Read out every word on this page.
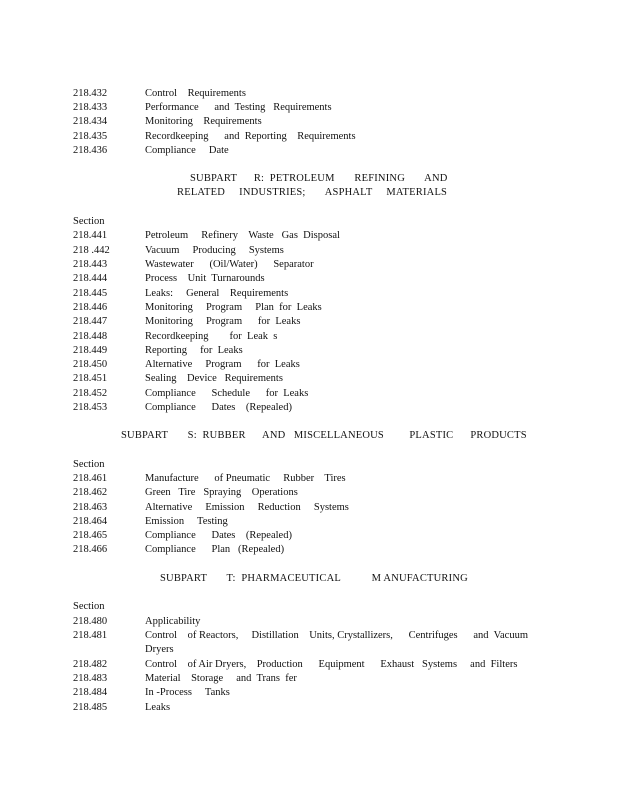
218.432	Control    Requirements
218.433	Performance      and  Testing   Requirements
218.434	Monitoring    Requirements
218.435	Recordkeeping      and  Reporting    Requirements
218.436	Compliance     Date
SUBPART      R:  PETROLEUM       REFINING       AND
RELATED     INDUSTRIES;       ASPHALT     MATERIALS
Section
218.441	Petroleum     Refinery    Waste   Gas  Disposal
218 .442	Vacuum     Producing     Systems
218.443	Wastewater      (Oil/Water)      Separator
218.444	Process    Unit  Turnarounds
218.445	Leaks:     General    Requirements
218.446	Monitoring     Program     Plan  for  Leaks
218.447	Monitoring     Program      for  Leaks
218.448	Recordkeeping        for  Leak  s
218.449	Reporting     for  Leaks
218.450	Alternative     Program      for  Leaks
218.451	Sealing    Device   Requirements
218.452	Compliance      Schedule      for  Leaks
218.453	Compliance      Dates    (Repealed)
SUBPART       S:  RUBBER      AND   MISCELLANEOUS         PLASTIC      PRODUCTS
Section
218.461	Manufacture      of Pneumatic     Rubber    Tires
218.462	Green   Tire   Spraying    Operations
218.463	Alternative     Emission     Reduction     Systems
218.464	Emission     Testing
218.465	Compliance      Dates    (Repealed)
218.466	Compliance      Plan   (Repealed)
SUBPART       T:  PHARMACEUTICAL           M ANUFACTURING
Section
218.480	Applicability
218.481	Control    of Reactors,     Distillation    Units, Crystallizers,      Centrifuges      and  Vacuum
Dryers
218.482	Control    of Air Dryers,    Production      Equipment      Exhaust   Systems     and  Filters
218.483	Material    Storage     and  Trans  fer
218.484	In -Process     Tanks
218.485	Leaks
